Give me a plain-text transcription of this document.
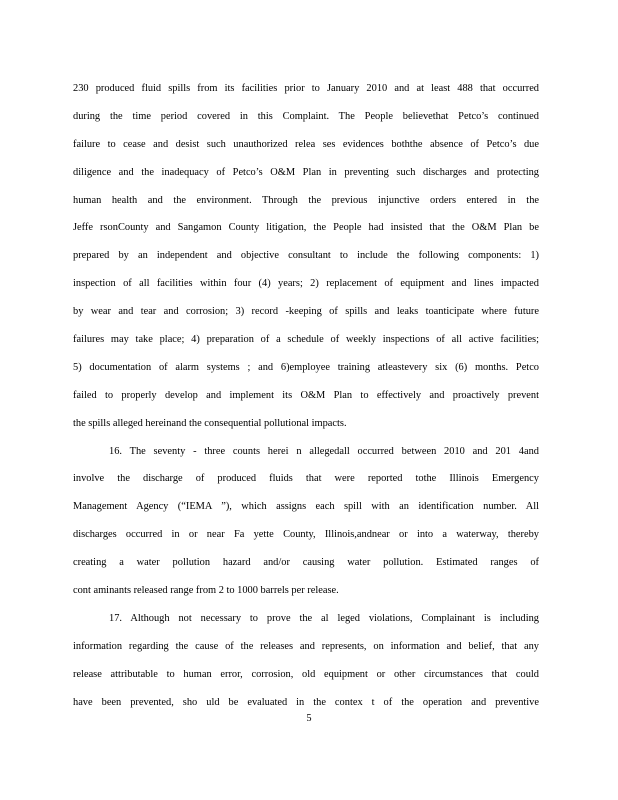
230 produced fluid spills from its facilities prior to January 2010 and at least 488 that occurred
during the time period covered in this Complaint. The People believethat Petco’s continued
failure to cease and desist such unauthorized relea ses evidences boththe absence of Petco’s due
diligence and the inadequacy of Petco’s O&M Plan in preventing such discharges and protecting
human health and the environment. Through the previous injunctive orders entered in the
Jeffe rsonCounty and Sangamon County litigation, the People had insisted that the O&M Plan be
prepared by an independent and objective consultant to include the following components: 1)
inspection of all facilities within four (4) years; 2) replacement of equipment and lines impacted
by wear and tear and corrosion; 3) record -keeping of spills and leaks toanticipate where future
failures may take place; 4) preparation of a schedule of weekly inspections of all active facilities;
5) documentation of alarm systems ; and 6)employee training atleastevery six (6) months. Petco
failed to properly develop and implement its O&M Plan to effectively and proactively prevent
the spills alleged hereinand the consequential pollutional impacts.
16. The seventy - three counts herei n allegedall occurred between 2010 and 201 4and
involve the discharge of produced fluids that were reported tothe Illinois Emergency
Management Agency (“IEMA ”), which assigns each spill with an identification number. All
discharges occurred in or near Fa yette County, Illinois,andnear or into a waterway, thereby
creating a water pollution hazard and/or causing water pollution. Estimated ranges of
cont aminants released range from 2 to 1000 barrels per release.
17. Although not necessary to prove the al leged violations, Complainant is including
information regarding the cause of the releases and represents, on information and belief, that any
release attributable to human error, corrosion, old equipment or other circumstances that could
have been prevented, sho uld be evaluated in the contex t of the operation and preventive
5
